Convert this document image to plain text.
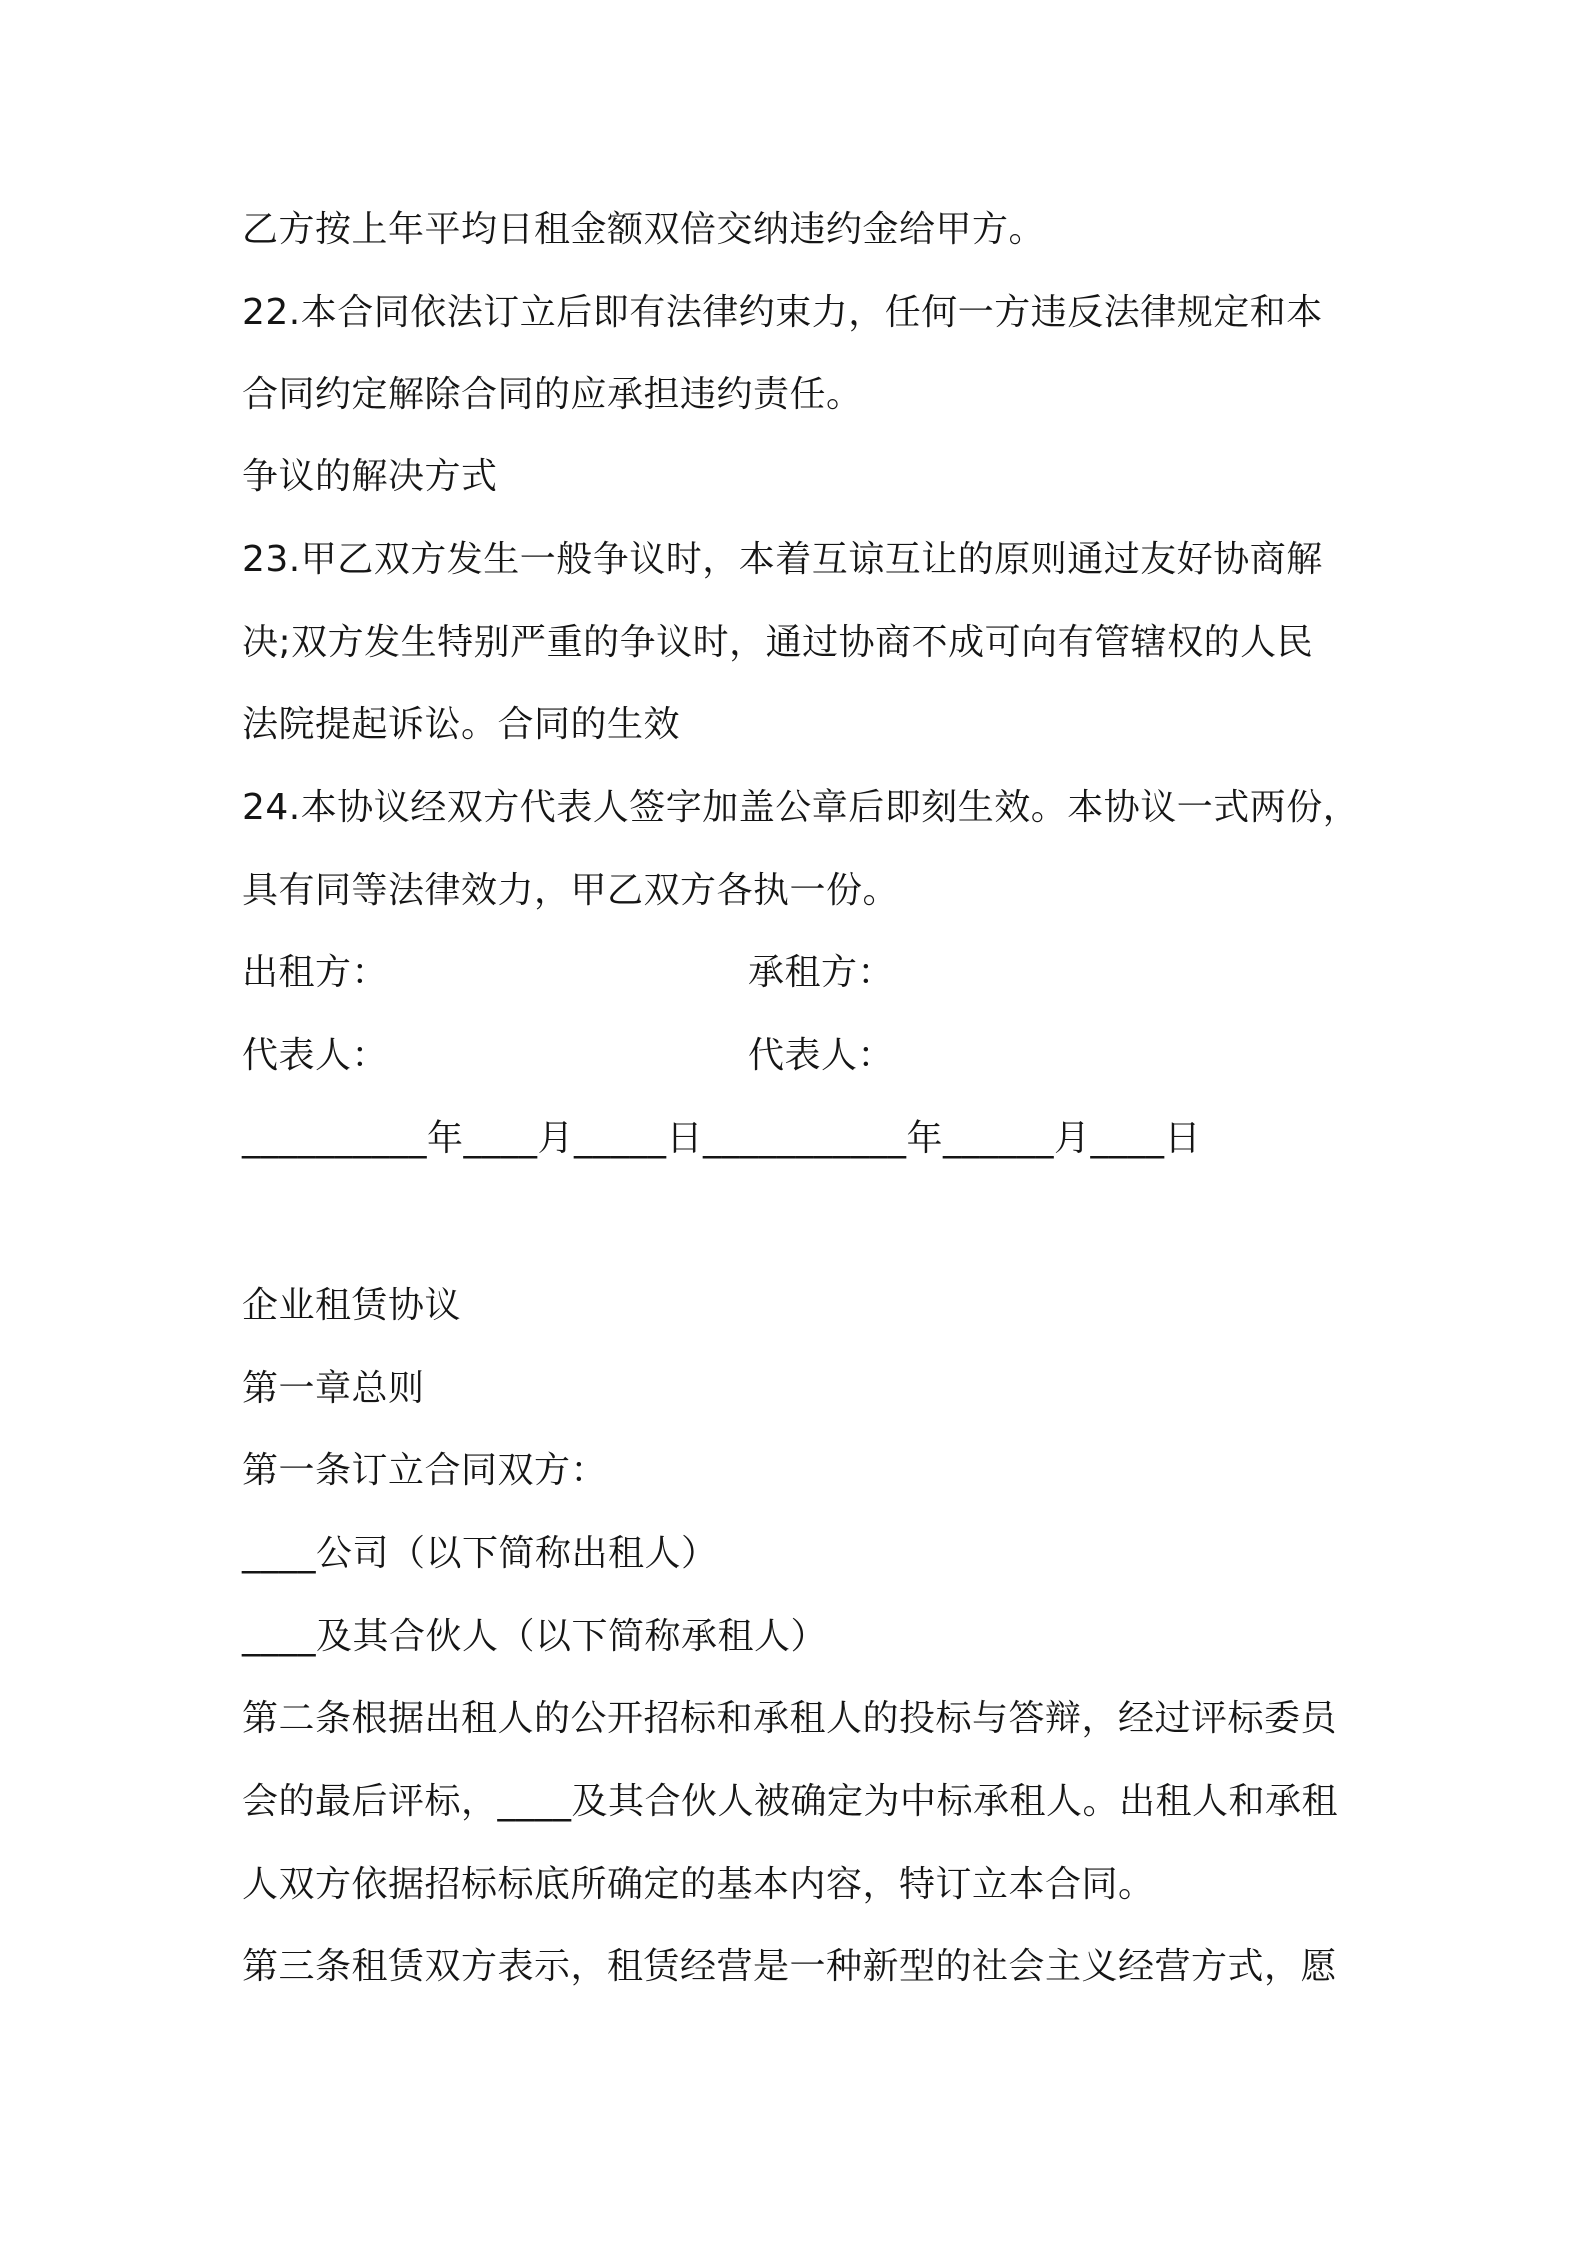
乙方按上年平均日租金额双倍交纳违约金给甲方。
22.本合同依法订立后即有法律约束力，任何一方违反法律规定和本
合同约定解除合同的应承担违约责任。
争议的解决方式
23.甲乙双方发生一般争议时，本着互谅互让的原则通过友好协商解
决;双方发生特别严重的争议时，通过协商不成可向有管辖权的人民
法院提起诉讼。合同的生效
24.本协议经双方代表人签字加盖公章后即刻生效。本协议一式两份，
具有同等法律效力，甲乙双方各执一份。
出租方：	承租方：
代表人：	代表人：
__________年____月_____日___________年______月____日
企业租赁协议
第一章总则
第一条订立合同双方：
____公司（以下简称出租人）
____及其合伙人（以下简称承租人）
第二条根据出租人的公开招标和承租人的投标与答辩，经过评标委员
会的最后评标，____及其合伙人被确定为中标承租人。出租人和承租
人双方依据招标标底所确定的基本内容，特订立本合同。
第三条租赁双方表示，租赁经营是一种新型的社会主义经营方式，愿
